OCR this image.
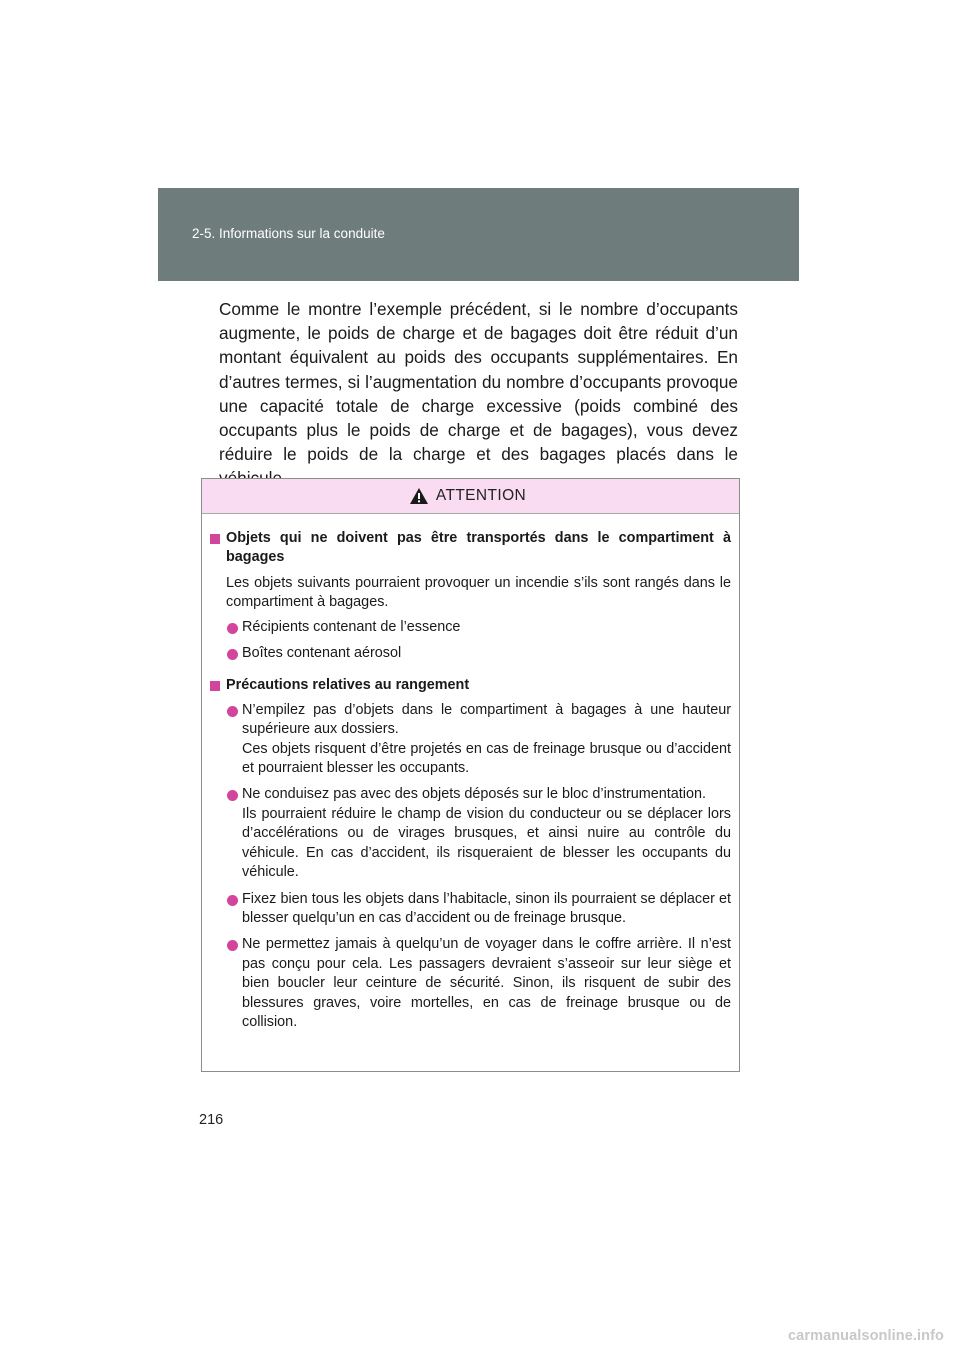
2-5. Informations sur la conduite

Comme le montre l’exemple précédent, si le nombre d’occupants augmente, le poids de charge et de bagages doit être réduit d’un montant équivalent au poids des occupants supplémentaires. En d’autres termes, si l’augmentation du nombre d’occupants provoque une capacité totale de charge excessive (poids combiné des occupants plus le poids de charge et de bagages), vous devez réduire le poids de la charge et des bagages placés dans le

ATTENTION
Objets qui ne doivent pas être transportés dans le compartiment à bagages
Les objets suivants pourraient provoquer un incendie s’ils sont rangés dans le compartiment à bagages.
Récipients contenant de l’essence
Boîtes contenant aérosol
Précautions relatives au rangement
N’empilez pas d’objets dans le compartiment à bagages à une hauteur supérieure aux dossiers.
Ces objets risquent d’être projetés en cas de freinage brusque ou d’accident et pourraient blesser les occupants.
Ne conduisez pas avec des objets déposés sur le bloc d’instrumentation.
Ils pourraient réduire le champ de vision du conducteur ou se déplacer lors d’accélérations ou de virages brusques, et ainsi nuire au contrôle du véhicule. En cas d’accident, ils risqueraient de blesser les occupants du véhicule.
Fixez bien tous les objets dans l’habitacle, sinon ils pourraient se déplacer et blesser quelqu’un en cas d’accident ou de freinage brusque.
Ne permettez jamais à quelqu’un de voyager dans le coffre arrière. Il n’est pas conçu pour cela. Les passagers devraient s’asseoir sur leur siège et bien boucler leur ceinture de sécurité. Sinon, ils risquent de subir des blessures graves, voire mortelles, en cas de freinage brusque ou de collision.
216
carmanualsonline.info
